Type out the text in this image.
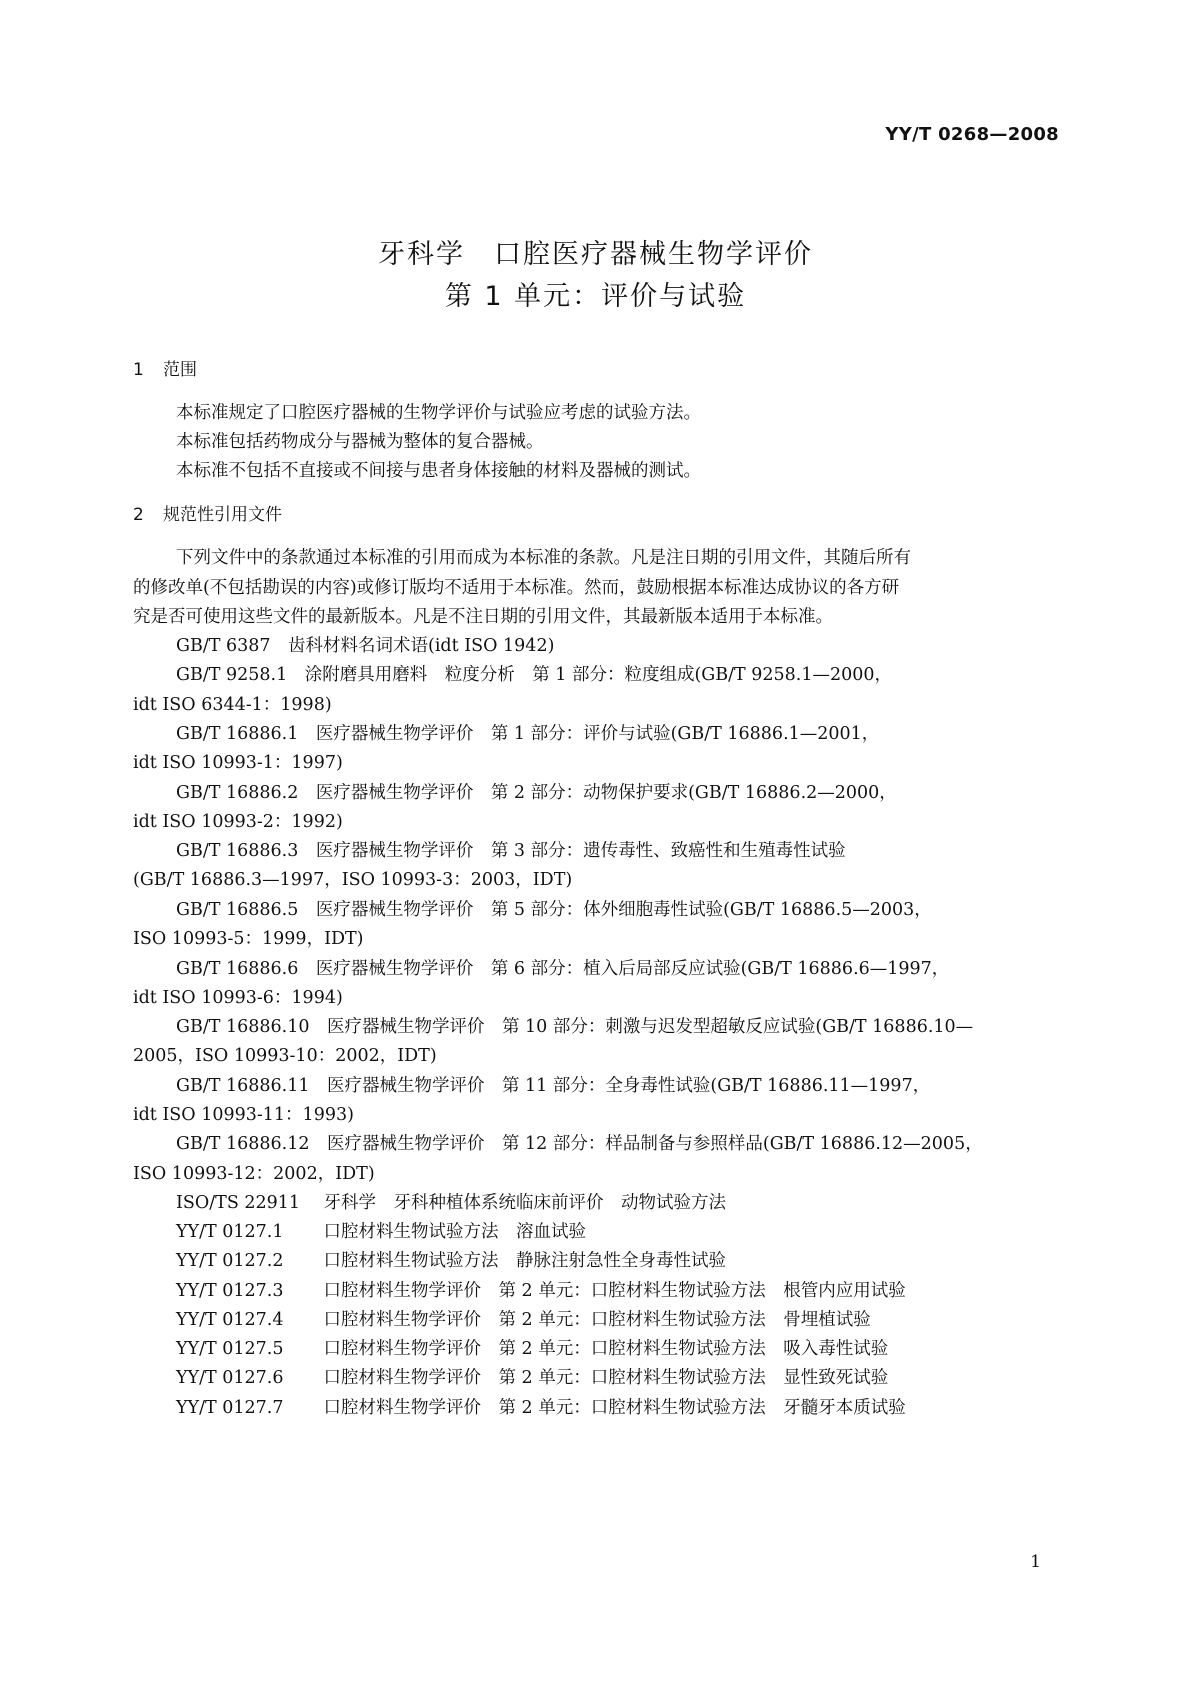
YY/T 0268—2008
牙科学　口腔医疗器械生物学评价
第 1 单元：评价与试验
1 范围
本标准规定了口腔医疗器械的生物学评价与试验应考虑的试验方法。
本标准包括药物成分与器械为整体的复合器械。
本标准不包括不直接或不间接与患者身体接触的材料及器械的测试。
2 规范性引用文件
下列文件中的条款通过本标准的引用而成为本标准的条款。凡是注日期的引用文件，其随后所有
的修改单(不包括勘误的内容)或修订版均不适用于本标准。然而，鼓励根据本标准达成协议的各方研
究是否可使用这些文件的最新版本。凡是不注日期的引用文件，其最新版本适用于本标准。
GB/T 6387　齿科材料名词术语(idt ISO 1942)
GB/T 9258.1　涂附磨具用磨料　粒度分析　第 1 部分：粒度组成(GB/T 9258.1—2000，
idt ISO 6344-1：1998)
GB/T 16886.1　医疗器械生物学评价　第 1 部分：评价与试验(GB/T 16886.1—2001，
idt ISO 10993-1：1997)
GB/T 16886.2　医疗器械生物学评价　第 2 部分：动物保护要求(GB/T 16886.2—2000，
idt ISO 10993-2：1992)
GB/T 16886.3　医疗器械生物学评价　第 3 部分：遗传毒性、致癌性和生殖毒性试验
(GB/T 16886.3—1997，ISO 10993-3：2003，IDT)
GB/T 16886.5　医疗器械生物学评价　第 5 部分：体外细胞毒性试验(GB/T 16886.5—2003，
ISO 10993-5：1999，IDT)
GB/T 16886.6　医疗器械生物学评价　第 6 部分：植入后局部反应试验(GB/T 16886.6—1997，
idt ISO 10993-6：1994)
GB/T 16886.10　医疗器械生物学评价　第 10 部分：刺激与迟发型超敏反应试验(GB/T 16886.10—
2005，ISO 10993-10：2002，IDT)
GB/T 16886.11　医疗器械生物学评价　第 11 部分：全身毒性试验(GB/T 16886.11—1997，
idt ISO 10993-11：1993)
GB/T 16886.12　医疗器械生物学评价　第 12 部分：样品制备与参照样品(GB/T 16886.12—2005，
ISO 10993-12：2002，IDT)
ISO/TS 22911　 牙科学　牙科种植体系统临床前评价　动物试验方法
YY/T 0127.1　 口腔材料生物试验方法　溶血试验
YY/T 0127.2　 口腔材料生物试验方法　静脉注射急性全身毒性试验
YY/T 0127.3　 口腔材料生物学评价　第 2 单元：口腔材料生物试验方法　根管内应用试验
YY/T 0127.4　 口腔材料生物学评价　第 2 单元：口腔材料生物试验方法　骨埋植试验
YY/T 0127.5　 口腔材料生物学评价　第 2 单元：口腔材料生物试验方法　吸入毒性试验
YY/T 0127.6　 口腔材料生物学评价　第 2 单元：口腔材料生物试验方法　显性致死试验
YY/T 0127.7　 口腔材料生物学评价　第 2 单元：口腔材料生物试验方法　牙髓牙本质试验
1
